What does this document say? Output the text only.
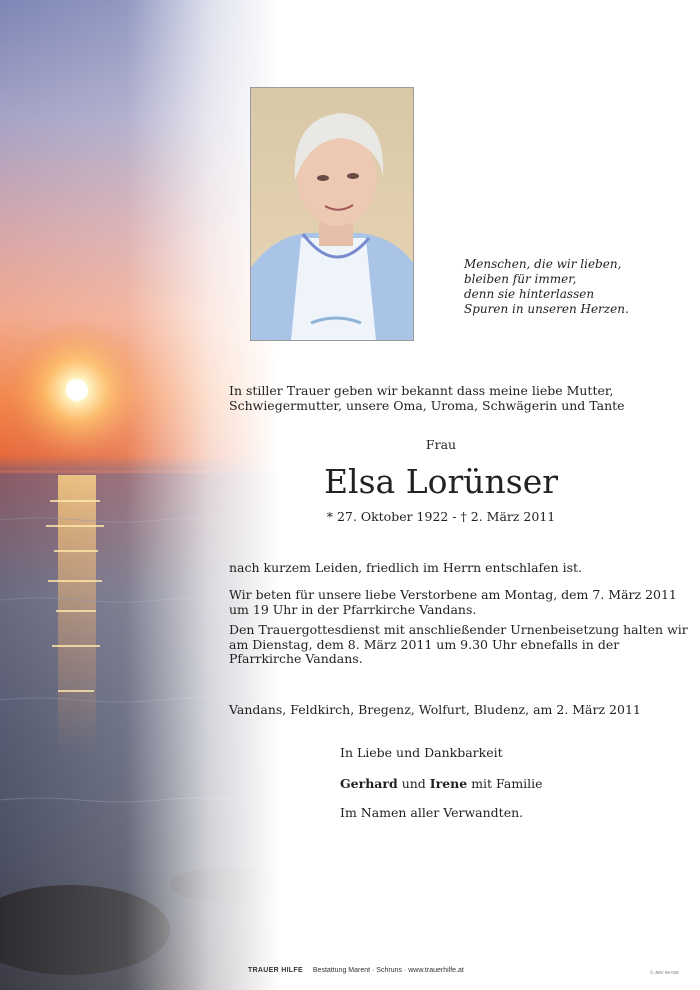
Menschen, die wir lieben,
bleiben für immer,
denn sie hinterlassen
Spuren in unseren Herzen.
In stiller Trauer geben wir bekannt dass meine liebe Mutter, Schwiegermutter, unsere Oma, Uroma, Schwägerin und Tante
Frau
Elsa Lorünser
* 27. Oktober 1922 - † 2. März 2011
nach kurzem Leiden, friedlich im Herrn entschlafen ist.
Wir beten für unsere liebe Verstorbene am Montag, dem 7. März 2011 um 19 Uhr in der Pfarrkirche Vandans.
Den Trauergottesdienst mit anschließender Urnenbeisetzung halten wir am Dienstag, dem 8. März 2011 um 9.30 Uhr ebnefalls in der Pfarrkirche Vandans.
Vandans, Feldkirch, Bregenz, Wolfurt, Bludenz, am 2. März 2011
In Liebe und Dankbarkeit
Gerhard und Irene mit Familie
Im Namen aller Verwandten.
TRAUER HILFE Bestattung Marent · Schruns · www.trauerhilfe.at	© JMV 99 025
